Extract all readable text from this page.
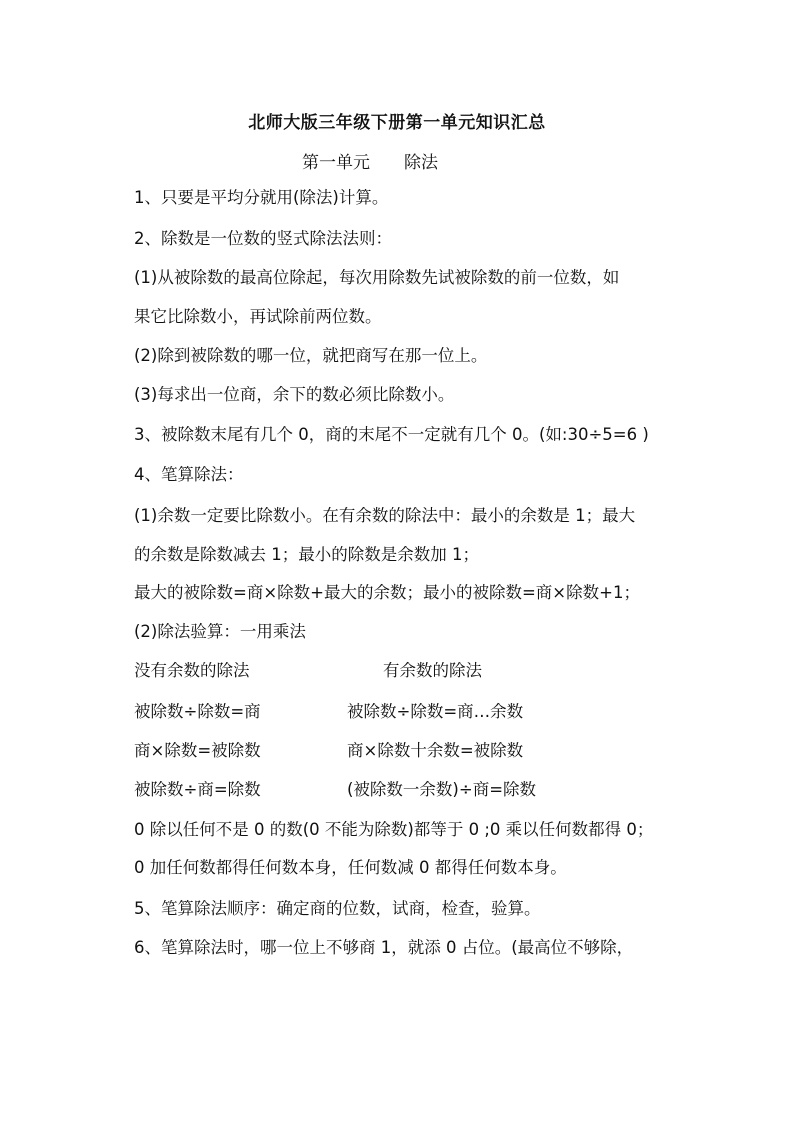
北师大版三年级下册第一单元知识汇总
第一单元　　除法
1、只要是平均分就用(除法)计算。
2、除数是一位数的竖式除法法则：
(1)从被除数的最高位除起，每次用除数先试被除数的前一位数，如
果它比除数小，再试除前两位数。
(2)除到被除数的哪一位，就把商写在那一位上。
(3)每求出一位商，余下的数必须比除数小。
3、被除数末尾有几个 0，商的末尾不一定就有几个 0。(如:30÷5=6 )
4、笔算除法：
(1)余数一定要比除数小。在有余数的除法中：最小的余数是 1；最大
的余数是除数减去 1；最小的除数是余数加 1；
最大的被除数=商×除数+最大的余数；最小的被除数=商×除数+1；
(2)除法验算：一用乘法
没有余数的除法	有余数的除法
被除数÷除数=商	被除数÷除数=商…余数
商×除数=被除数	商×除数十余数=被除数
被除数÷商=除数	(被除数一余数)÷商=除数
0 除以任何不是 0 的数(0 不能为除数)都等于 0 ;0 乘以任何数都得 0；
0 加任何数都得任何数本身，任何数减 0 都得任何数本身。
5、笔算除法顺序：确定商的位数，试商，检查，验算。
6、笔算除法时，哪一位上不够商 1，就添 0 占位。(最高位不够除，
